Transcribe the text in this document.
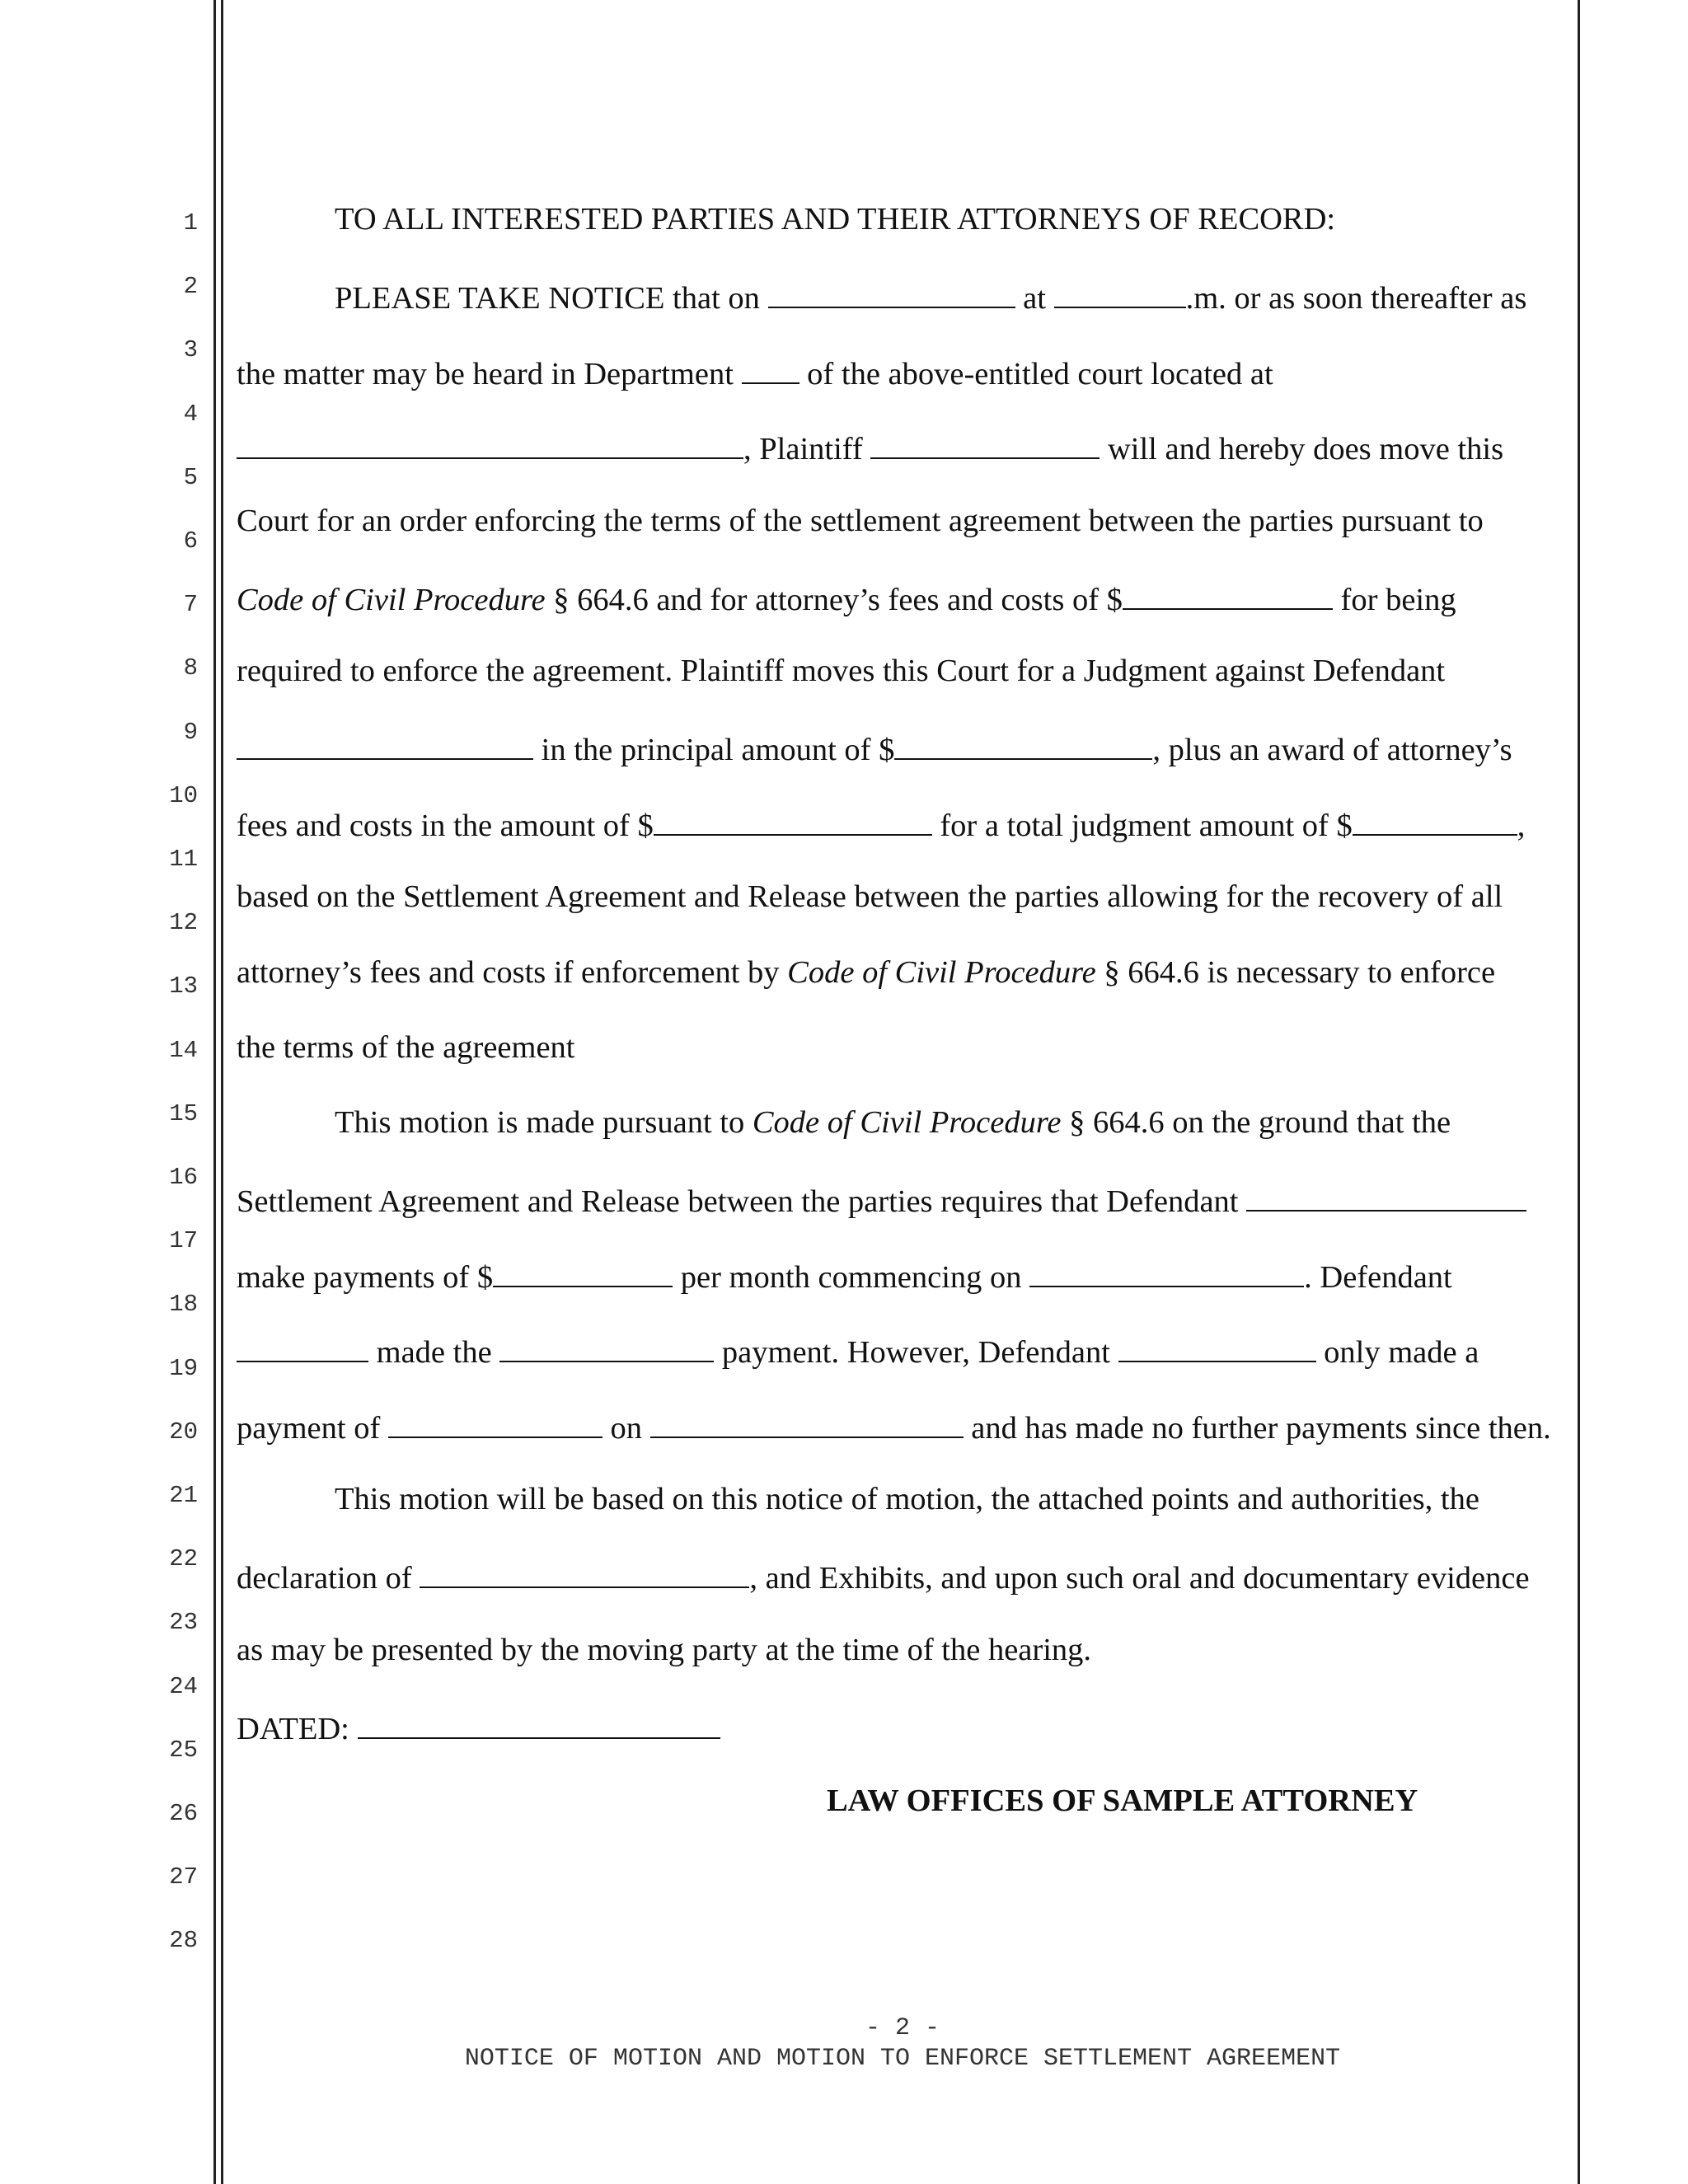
1
2
3
4
5
6
7
8
9
10
11
12
13
14
15
16
17
18
19
20
21
22
23
24
25
26
27
28
TO ALL INTERESTED PARTIES AND THEIR ATTORNEYS OF RECORD:
PLEASE TAKE NOTICE that on	at	.m. or as soon thereafter as
the matter may be heard in Department  of the above-entitled court located at
, Plaintiff	will and hereby does move this
Court for an order enforcing the terms of the settlement agreement between the parties pursuant to
Code of Civil Procedure § 664.6 and for attorney’s fees and costs of $	for being
required to enforce the agreement. Plaintiff moves this Court for a Judgment against Defendant
in the principal amount of $	, plus an award of attorney’s
fees and costs in the amount of $	for a total judgment amount of $	,
based on the Settlement Agreement and Release between the parties allowing for the recovery of all
attorney’s fees and costs if enforcement by Code of Civil Procedure § 664.6 is necessary to enforce
the terms of the agreement
This motion is made pursuant to Code of Civil Procedure § 664.6 on the ground that the
Settlement Agreement and Release between the parties requires that Defendant
make payments of $	per month commencing on	. Defendant
made the	payment. However, Defendant	only made a
payment of	on	and has made no further payments since then.
This motion will be based on this notice of motion, the attached points and authorities, the
declaration of	, and Exhibits, and upon such oral and documentary evidence
as may be presented by the moving party at the time of the hearing.
DATED:
LAW OFFICES OF SAMPLE ATTORNEY
- 2 -
NOTICE OF MOTION AND MOTION TO ENFORCE SETTLEMENT AGREEMENT
